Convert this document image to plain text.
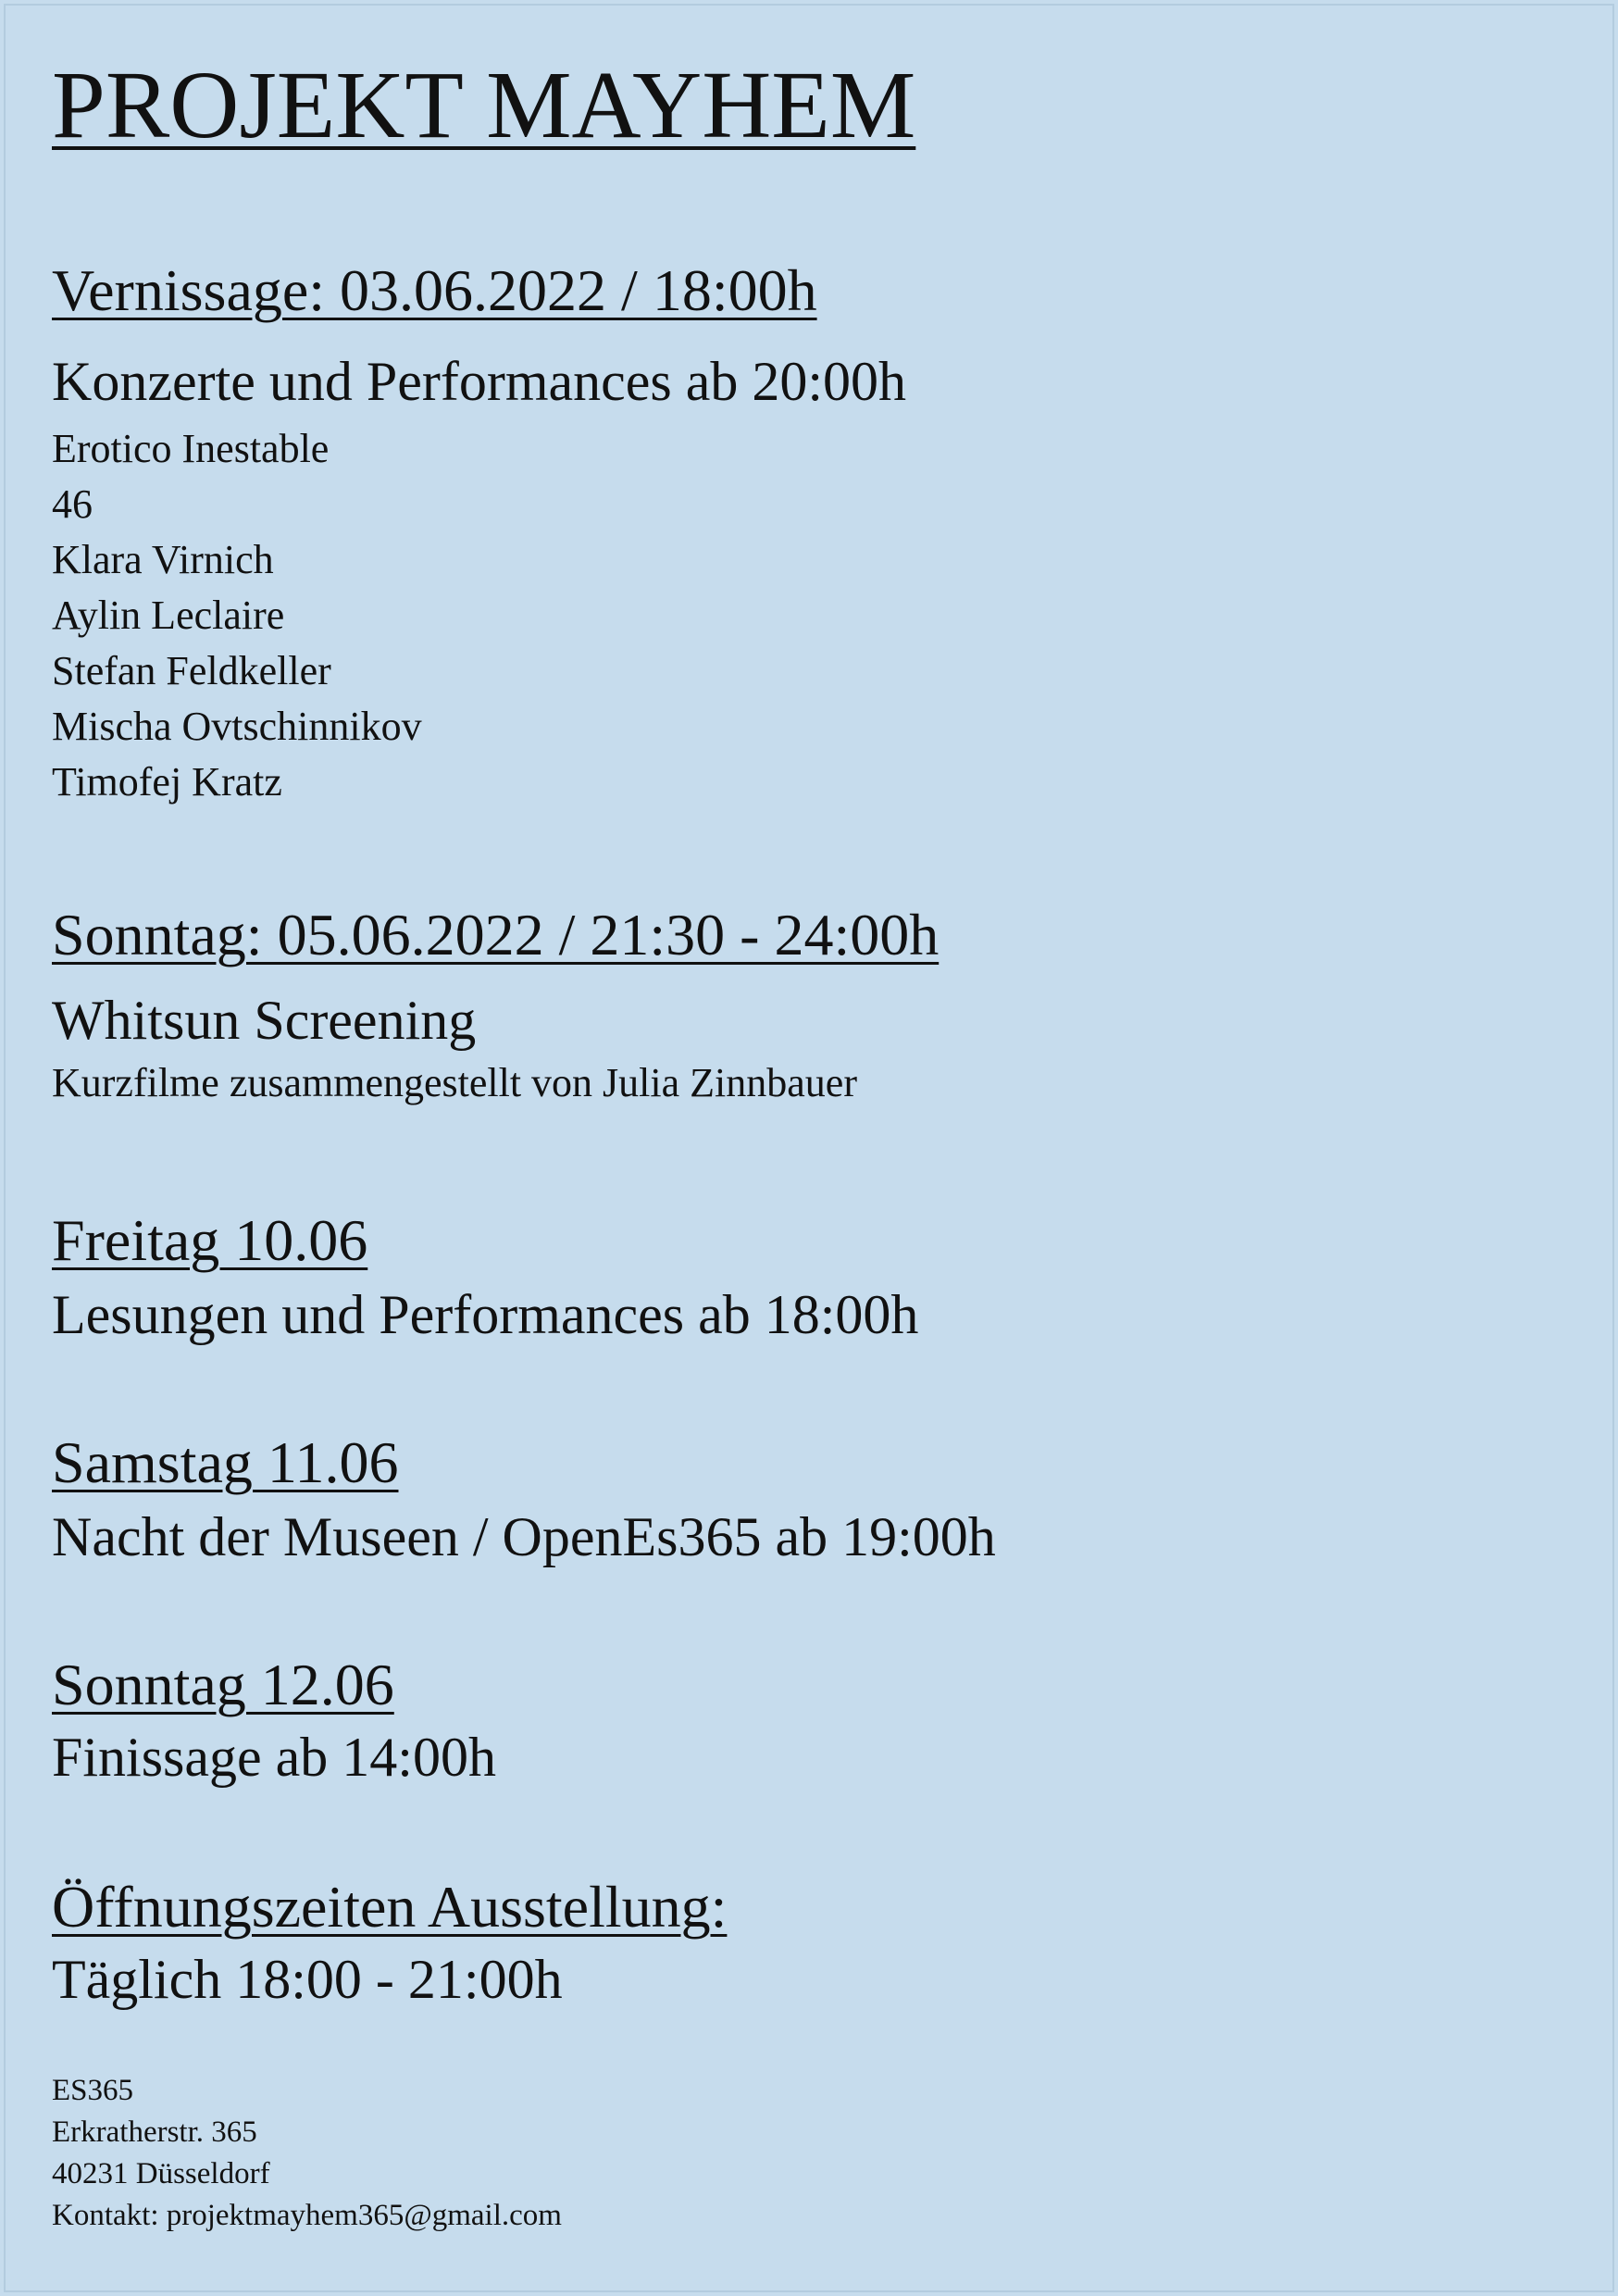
PROJEKT MAYHEM
Vernissage: 03.06.2022 / 18:00h
Konzerte und Performances ab 20:00h
Erotico Inestable
46
Klara Virnich
Aylin Leclaire
Stefan Feldkeller
Mischa Ovtschinnikov
Timofej Kratz
Sonntag: 05.06.2022 / 21:30 - 24:00h
Whitsun Screening
Kurzfilme zusammengestellt von Julia Zinnbauer
Freitag 10.06
Lesungen und Performances ab 18:00h
Samstag 11.06
Nacht der Museen / OpenEs365 ab 19:00h
Sonntag 12.06
Finissage ab 14:00h
Öffnungszeiten Ausstellung:
Täglich 18:00 - 21:00h
ES365
Erkratherstr. 365
40231 Düsseldorf
Kontakt: projektmayhem365@gmail.com
